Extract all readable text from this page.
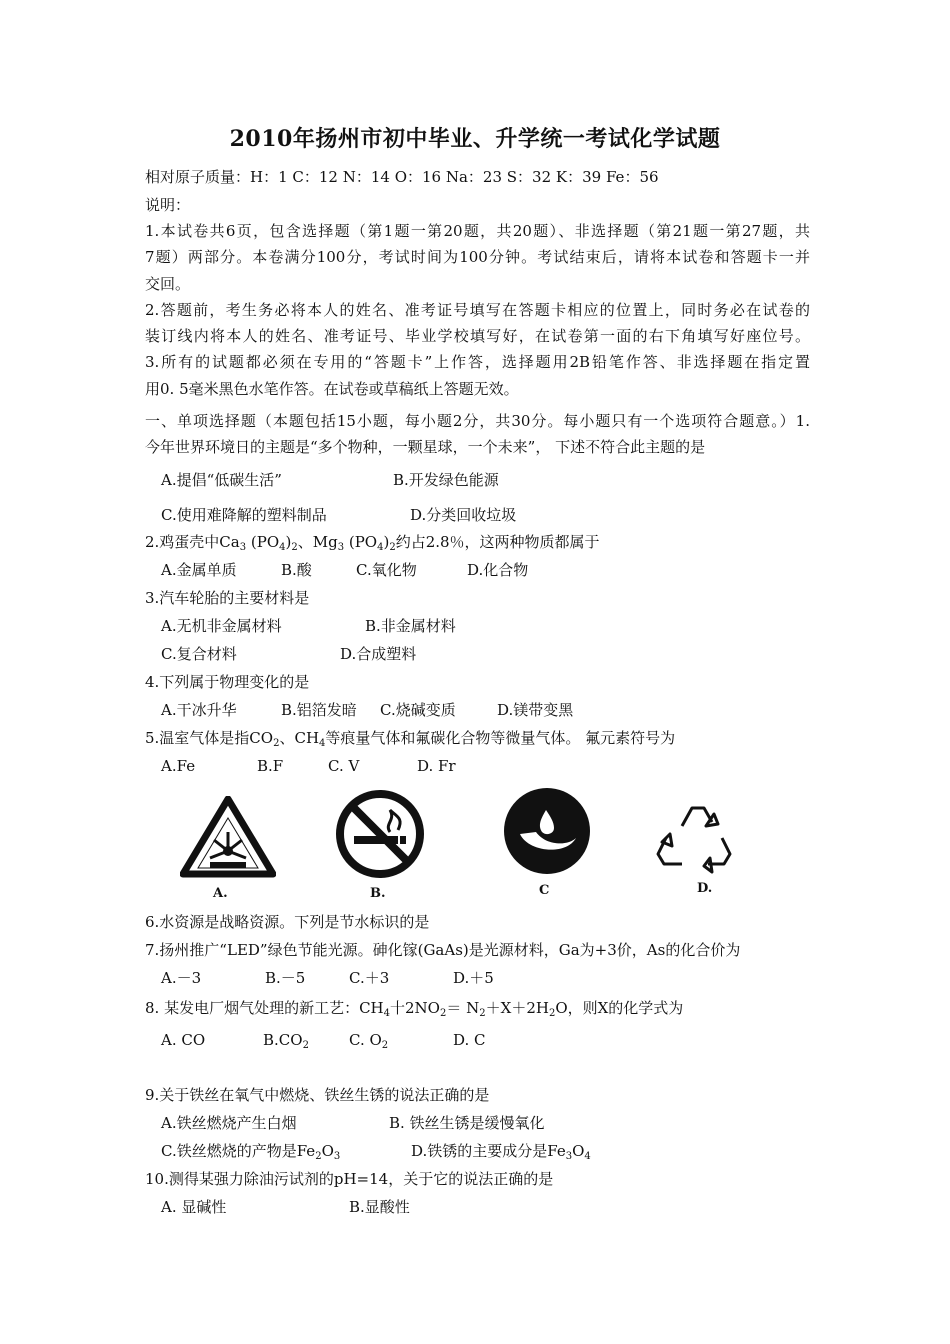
2010年扬州市初中毕业、升学统一考试化学试题
相对原子质量：H：1 C：12 N：14 O：16 Na：23 S：32 K：39 Fe：56
说明：
1.本试卷共6页，包含选择题（第1题一第20题，共20题）、非选择题（第21题一第27题，共
7题）两部分。本卷满分100分，考试时间为100分钟。考试结束后，请将本试卷和答题卡一并
交回。
2.答题前，考生务必将本人的姓名、准考证号填写在答题卡相应的位置上，同时务必在试卷的
装订线内将本人的姓名、准考证号、毕业学校填写好，在试卷第一面的右下角填写好座位号。
3.所有的试题都必须在专用的“答题卡”上作答，选择题用2B铅笔作答、非选择题在指定置
用0. 5毫米黑色水笔作答。在试卷或草稿纸上答题无效。
一、单项选择题（本题包括15小题，每小题2分，共30分。每小题只有一个选项符合题意。）1.
今年世界环境日的主题是“多个物种，一颗星球，一个未来”， 下述不符合此主题的是
A.提倡“低碳生活”	B.开发绿色能源
C.使用难降解的塑料制品	D.分类回收垃圾
2.鸡蛋壳中$Ca_3$ $(PO_4)_2$、$Mg_3$ $(PO_4)_2$约占2.8％，这两种物质都属于
A.金属单质	B.酸	C.氧化物	D.化合物
3.汽车轮胎的主要材料是
A.无机非金属材料	B.非金属材料
C.复合材料	D.合成塑料
4.下列属于物理变化的是
A.干冰升华	B.铝箔发暗 C.烧碱变质	D.镁带变黑
5.温室气体是指$CO_2$、$CH_4$等痕量气体和氟碳化合物等微量气体。 氟元素符号为
A.Fe	B.F	C. V	D. Fr
A.	B.	C	D.
6.水资源是战略资源。下列是节水标识的是
7.扬州推广“LED”绿色节能光源。砷化镓(GaAs)是光源材料，Ga为+3价，As的化合价为
A.－3	B.－5	C.＋3	D.＋5
8. 某发电厂烟气处理的新工艺：$CH_4$十$2NO_2= N_2+X+2H_2O$，则X的化学式为
A. CO	$B.CO_2$	C. $O_2$	D. C
9.关于铁丝在氧气中燃烧、铁丝生锈的说法正确的是
A.铁丝燃烧产生白烟	B. 铁丝生锈是缓慢氧化
C.铁丝燃烧的产物是$Fe_2O_3$	D.铁锈的主要成分是$Fe_3O_4$
10.测得某强力除油污试剂的pH=14，关于它的说法正确的是
A. 显碱性	B.显酸性
